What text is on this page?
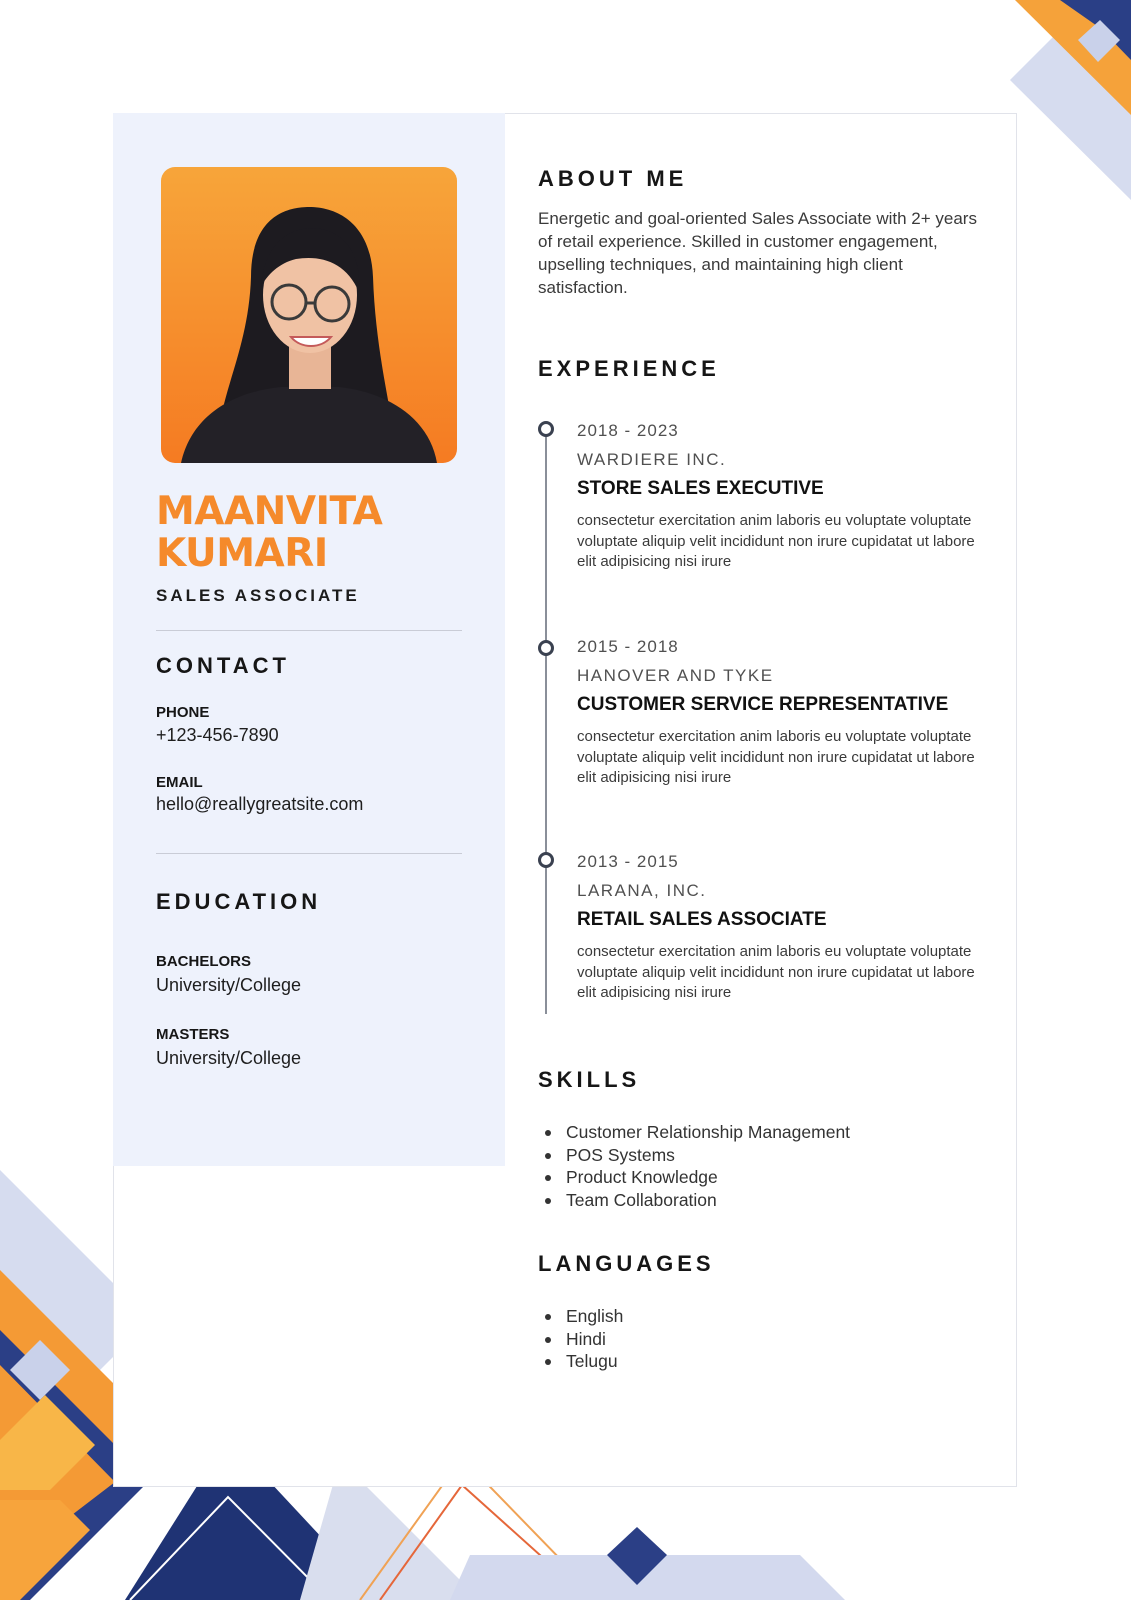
MAANVITA
KUMARI
SALES ASSOCIATE
CONTACT
PHONE
+123-456-7890
EMAIL
hello@reallygreatsite.com
EDUCATION
BACHELORS
University/College
MASTERS
University/College
ABOUT ME
Energetic and goal-oriented Sales Associate with 2+ years of retail experience. Skilled in customer engagement, upselling techniques, and maintaining high client satisfaction.
EXPERIENCE
2018 - 2023
WARDIERE INC.
STORE SALES EXECUTIVE
consectetur exercitation anim laboris eu voluptate voluptate voluptate aliquip velit incididunt non irure cupidatat ut labore elit adipisicing nisi irure
2015 - 2018
HANOVER AND TYKE
CUSTOMER SERVICE REPRESENTATIVE
consectetur exercitation anim laboris eu voluptate voluptate voluptate aliquip velit incididunt non irure cupidatat ut labore elit adipisicing nisi irure
2013 - 2015
LARANA, INC.
RETAIL SALES ASSOCIATE
consectetur exercitation anim laboris eu voluptate voluptate voluptate aliquip velit incididunt non irure cupidatat ut labore elit adipisicing nisi irure
SKILLS
Customer Relationship Management
POS Systems
Product Knowledge
Team Collaboration
LANGUAGES
English
Hindi
Telugu
